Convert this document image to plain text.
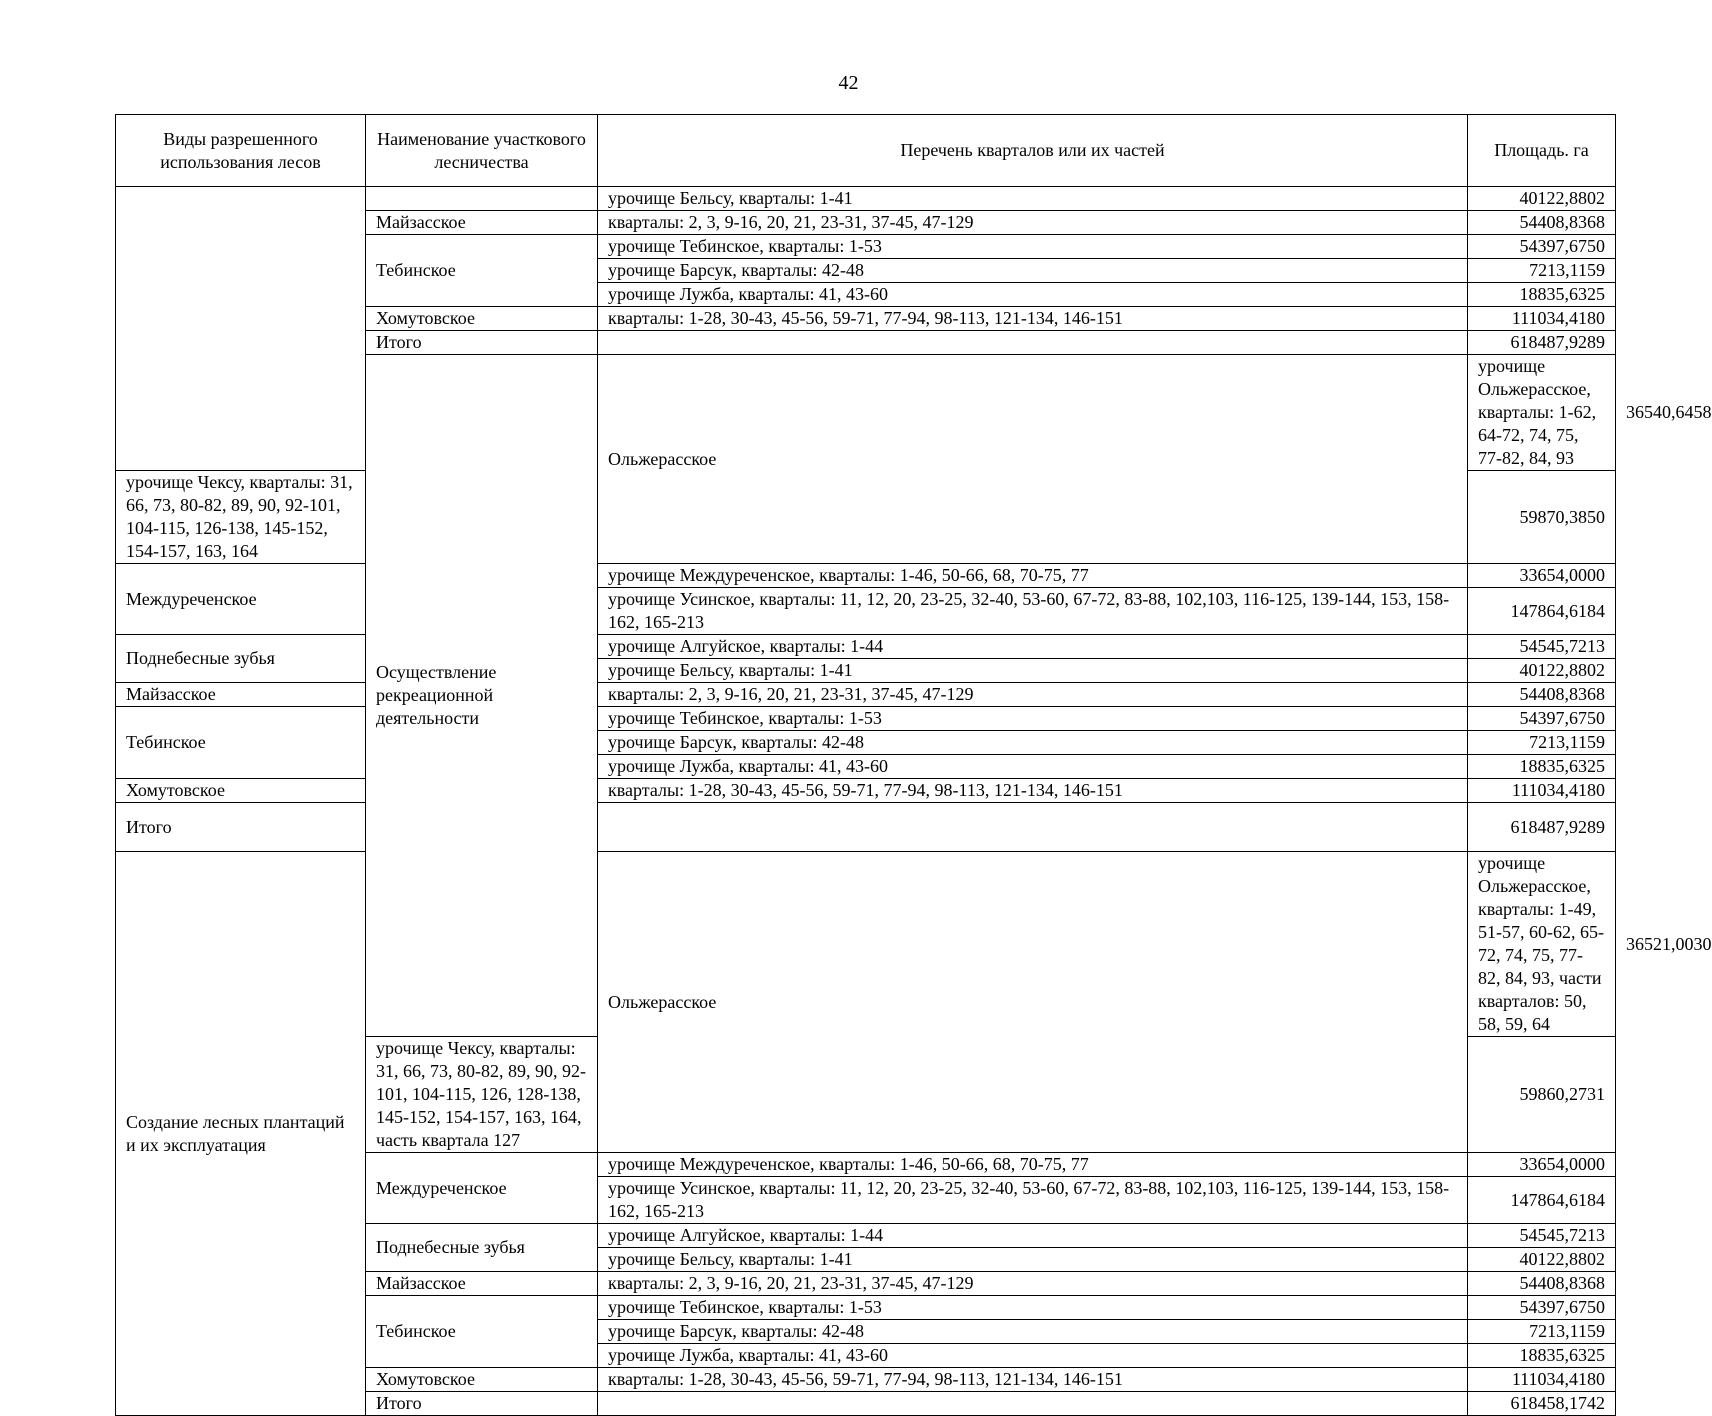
42
Виды разрешенного использования лесов	Наименование участкового лесничества	Перечень кварталов или их частей	Площадь. га	
		урочище Бельсу, кварталы: 1-41	40122,8802	
	Майзасское	кварталы: 2, 3, 9-16, 20, 21, 23-31, 37-45, 47-129	54408,8368	
	Тебинское	урочище Тебинское, кварталы: 1-53	54397,6750	
		урочище Барсук, кварталы: 42-48	7213,1159	
		урочище Лужба, кварталы: 41, 43-60	18835,6325	
	Хомутовское	кварталы: 1-28, 30-43, 45-56, 59-71, 77-94, 98-113, 121-134, 146-151	111034,4180	
	Итого		618487,9289	
	Осуществление рекреационной деятельности	Ольжерасское	урочище Ольжерасское, кварталы: 1-62, 64-72, 74, 75, 77-82, 84, 93	36540,6458
урочище Чексу, кварталы: 31, 66, 73, 80-82, 89, 90, 92-101, 104-115, 126-138, 145-152, 154-157, 163, 164			59870,3850	
Междуреченское		урочище Междуреченское, кварталы: 1-46, 50-66, 68, 70-75, 77	33654,0000	
		урочище Усинское, кварталы: 11, 12, 20, 23-25, 32-40, 53-60, 67-72, 83-88, 102,103, 116-125, 139-144, 153, 158-162, 165-213	147864,6184	
Поднебесные зубья		урочище Алгуйское, кварталы: 1-44	54545,7213	
		урочище Бельсу, кварталы: 1-41	40122,8802	
Майзасское		кварталы: 2, 3, 9-16, 20, 21, 23-31, 37-45, 47-129	54408,8368	
Тебинское		урочище Тебинское, кварталы: 1-53	54397,6750	
		урочище Барсук, кварталы: 42-48	7213,1159	
		урочище Лужба, кварталы: 41, 43-60	18835,6325	
Хомутовское		кварталы: 1-28, 30-43, 45-56, 59-71, 77-94, 98-113, 121-134, 146-151	111034,4180	
Итого			618487,9289	
Создание лесных плантаций и их эксплуатация		Ольжерасское	урочище Ольжерасское, кварталы: 1-49, 51-57, 60-62, 65-72, 74, 75, 77-82, 84, 93, части кварталов: 50, 58, 59, 64	36521,0030
	урочище Чексу, кварталы: 31, 66, 73, 80-82, 89, 90, 92-101, 104-115, 126, 128-138, 145-152, 154-157, 163, 164, часть квартала 127		59860,2731	
	Междуреченское	урочище Междуреченское, кварталы: 1-46, 50-66, 68, 70-75, 77	33654,0000	
		урочище Усинское, кварталы: 11, 12, 20, 23-25, 32-40, 53-60, 67-72, 83-88, 102,103, 116-125, 139-144, 153, 158-162, 165-213	147864,6184	
	Поднебесные зубья	урочище Алгуйское, кварталы: 1-44	54545,7213	
		урочище Бельсу, кварталы: 1-41	40122,8802	
	Майзасское	кварталы: 2, 3, 9-16, 20, 21, 23-31, 37-45, 47-129	54408,8368	
	Тебинское	урочище Тебинское, кварталы: 1-53	54397,6750	
		урочище Барсук, кварталы: 42-48	7213,1159	
		урочище Лужба, кварталы: 41, 43-60	18835,6325	
	Хомутовское	кварталы: 1-28, 30-43, 45-56, 59-71, 77-94, 98-113, 121-134, 146-151	111034,4180	
	Итого		618458,1742	
